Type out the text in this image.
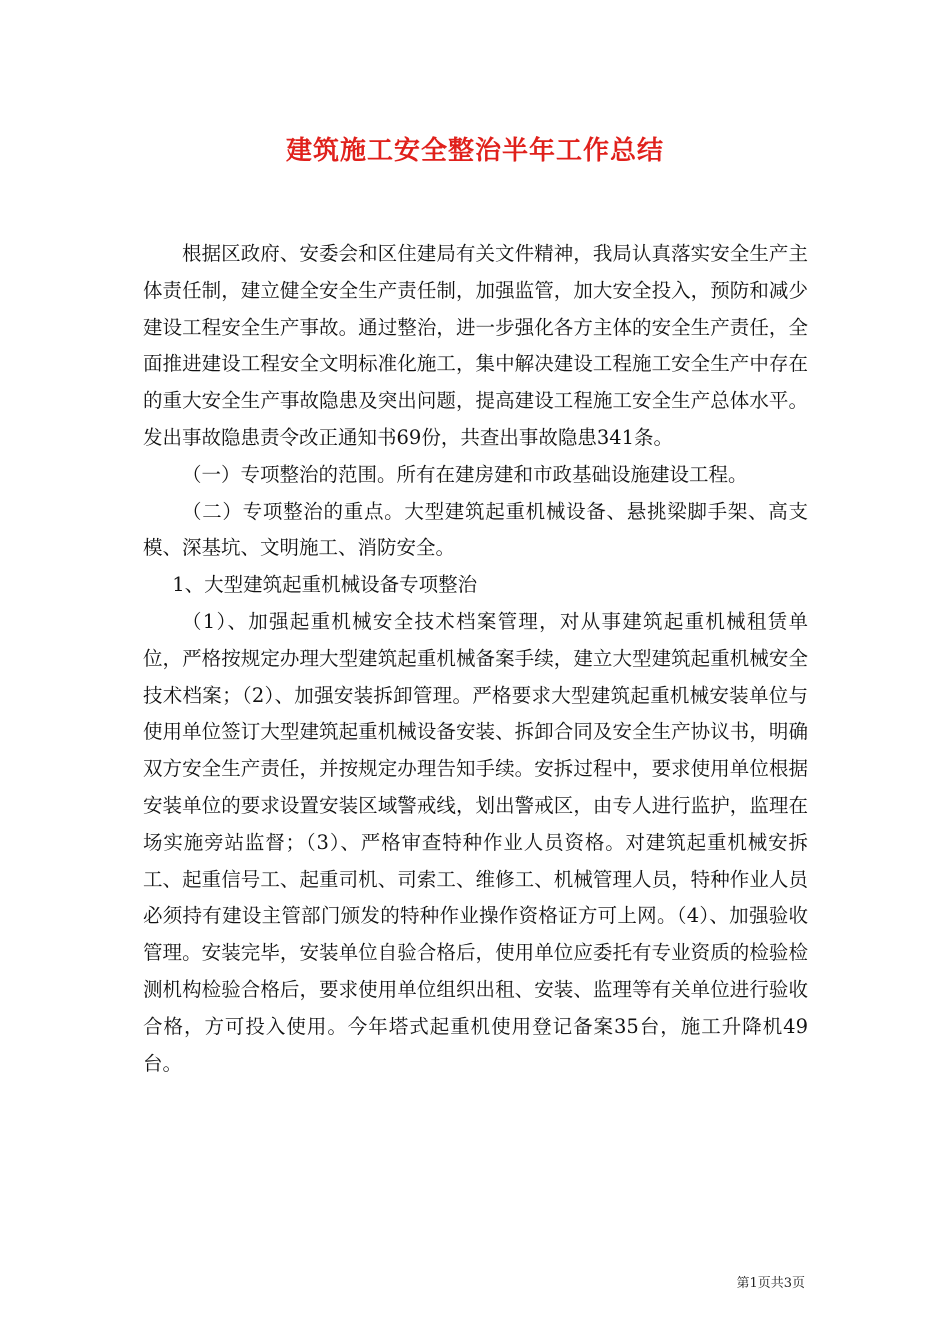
建筑施工安全整治半年工作总结

根据区政府、安委会和区住建局有关文件精神，我局认真落实安全生产主体责任制，建立健全安全生产责任制，加强监管，加大安全投入，预防和减少建设工程安全生产事故。通过整治，进一步强化各方主体的安全生产责任，全面推进建设工程安全文明标准化施工，集中解决建设工程施工安全生产中存在的重大安全生产事故隐患及突出问题，提高建设工程施工安全生产总体水平。发出事故隐患责令改正通知书69份，共查出事故隐患341条。

（一）专项整治的范围。所有在建房建和市政基础设施建设工程。

（二）专项整治的重点。大型建筑起重机械设备、悬挑梁脚手架、高支模、深基坑、文明施工、消防安全。

1、大型建筑起重机械设备专项整治

（1）、加强起重机械安全技术档案管理，对从事建筑起重机械租赁单位，严格按规定办理大型建筑起重机械备案手续，建立大型建筑起重机械安全技术档案；（2）、加强安装拆卸管理。严格要求大型建筑起重机械安装单位与使用单位签订大型建筑起重机械设备安装、拆卸合同及安全生产协议书，明确双方安全生产责任，并按规定办理告知手续。安拆过程中，要求使用单位根据安装单位的要求设置安装区域警戒线，划出警戒区，由专人进行监护，监理在场实施旁站监督；（3）、严格审查特种作业人员资格。对建筑起重机械安拆工、起重信号工、起重司机、司索工、维修工、机械管理人员，特种作业人员必须持有建设主管部门颁发的特种作业操作资格证方可上网。（4）、加强验收管理。安装完毕，安装单位自验合格后，使用单位应委托有专业资质的检验检测机构检验合格后，要求使用单位组织出租、安装、监理等有关单位进行验收合格，方可投入使用。今年塔式起重机使用登记备案35台，施工升降机49台。

第1页共3页
